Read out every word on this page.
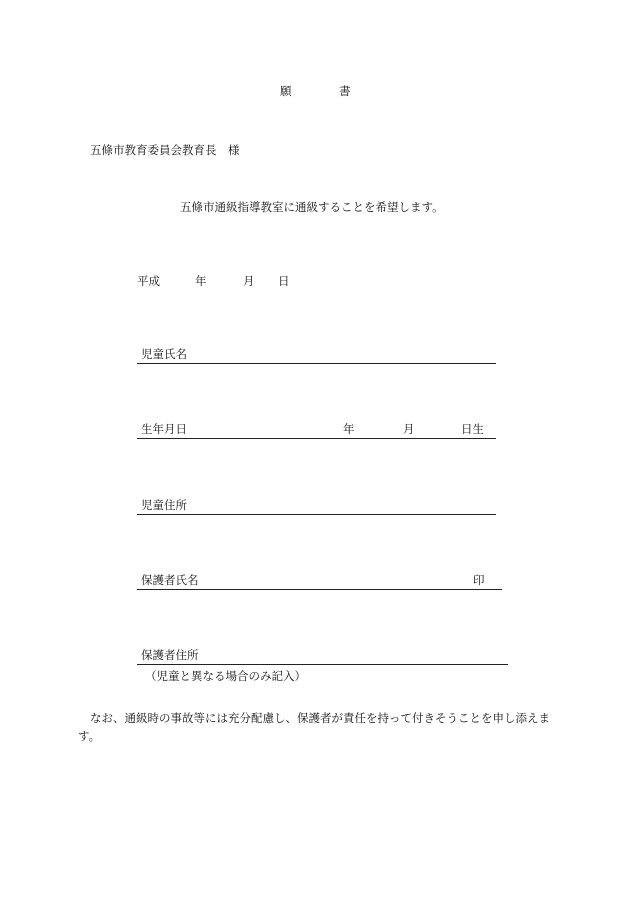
願	書
五條市教育委員会教育長　様
五條市通級指導教室に通級することを希望します。
平成	年	月 日
児童氏名
生年月日	年	月	日生
児童住所
保護者氏名	印
保護者住所
（児童と異なる場合のみ記入）
なお、通級時の事故等には充分配慮し、保護者が責任を持って付きそうことを申し添えます。
